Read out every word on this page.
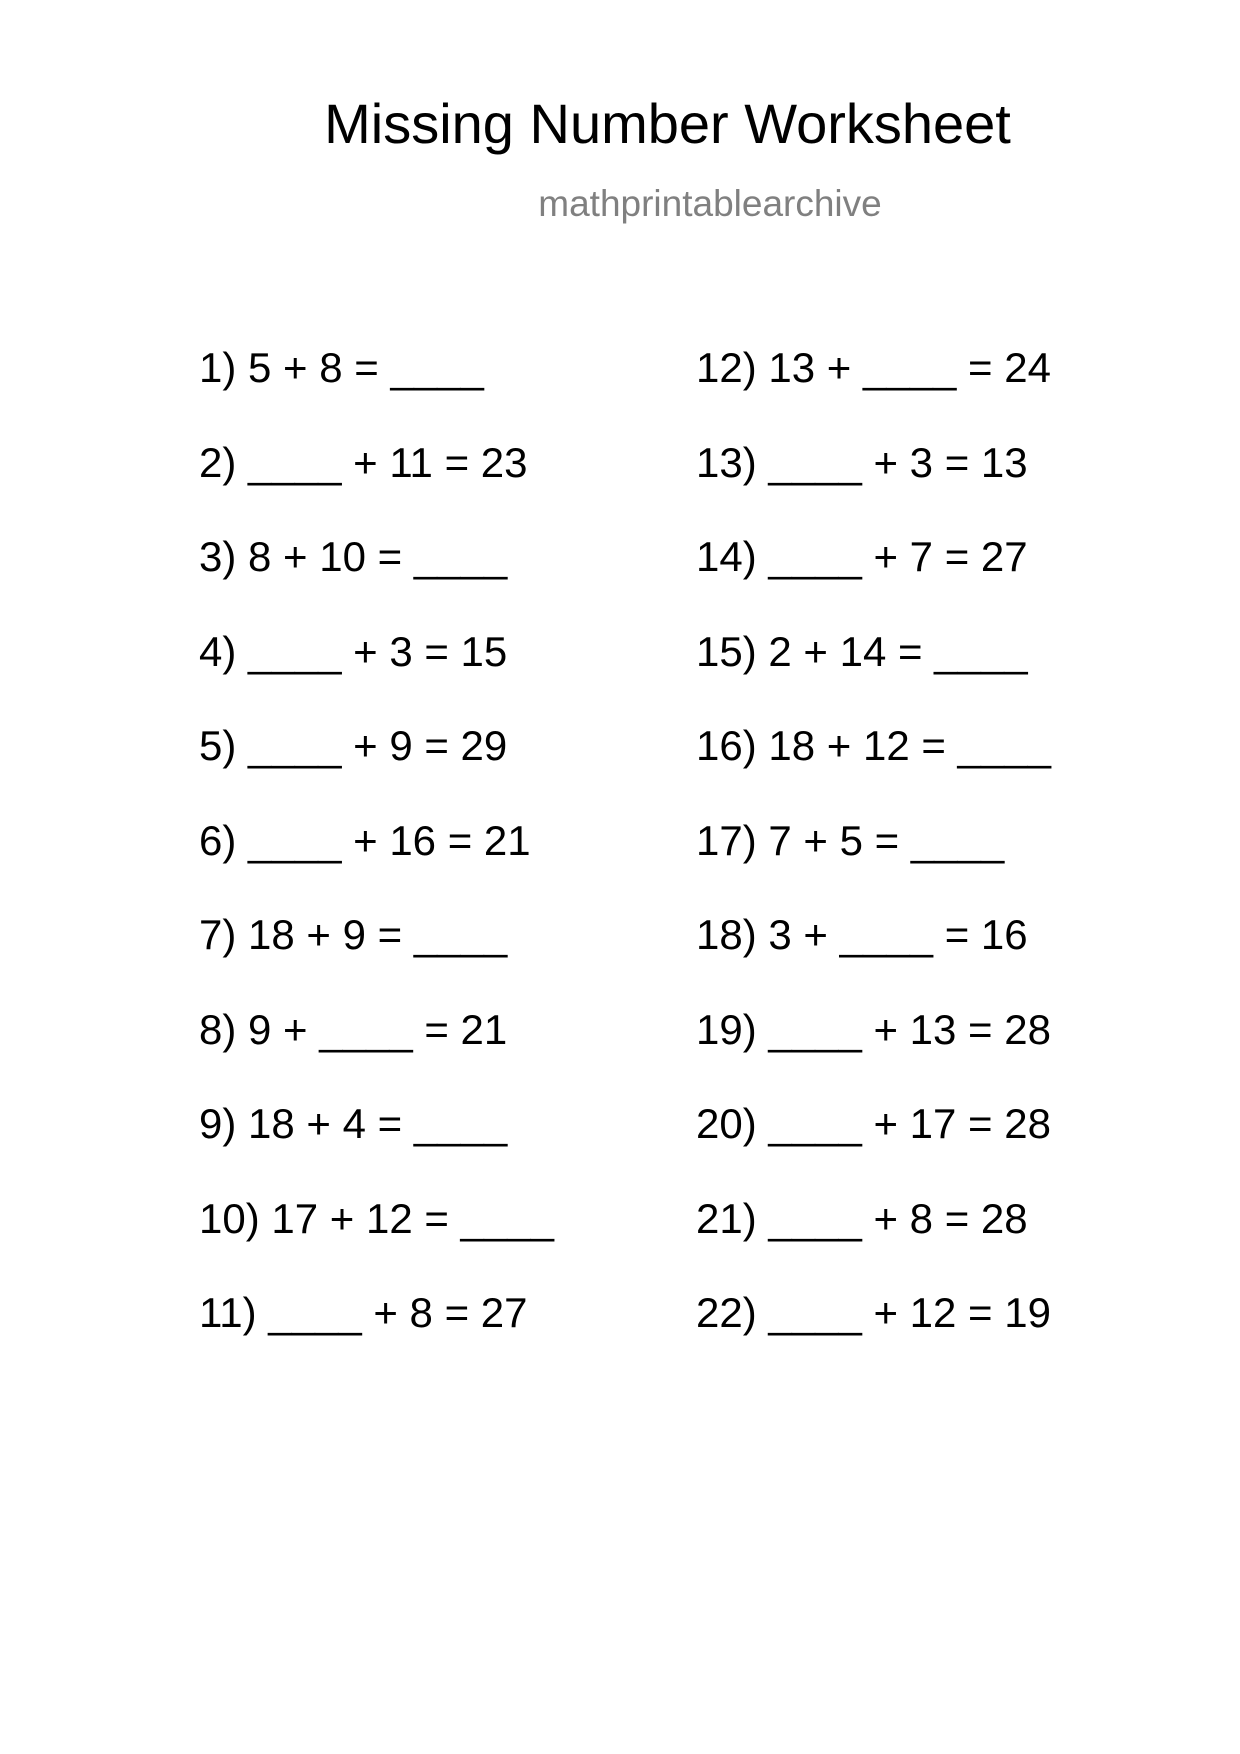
Missing Number Worksheet
mathprintablearchive
1) 5 + 8 = ____
2) ____ + 11 = 23
3) 8 + 10 = ____
4) ____ + 3 = 15
5) ____ + 9 = 29
6) ____ + 16 = 21
7) 18 + 9 = ____
8) 9 + ____ = 21
9) 18 + 4 = ____
10) 17 + 12 = ____
11) ____ + 8 = 27
12) 13 + ____ = 24
13) ____ + 3 = 13
14) ____ + 7 = 27
15) 2 + 14 = ____
16) 18 + 12 = ____
17) 7 + 5 = ____
18) 3 + ____ = 16
19) ____ + 13 = 28
20) ____ + 17 = 28
21) ____ + 8 = 28
22) ____ + 12 = 19
